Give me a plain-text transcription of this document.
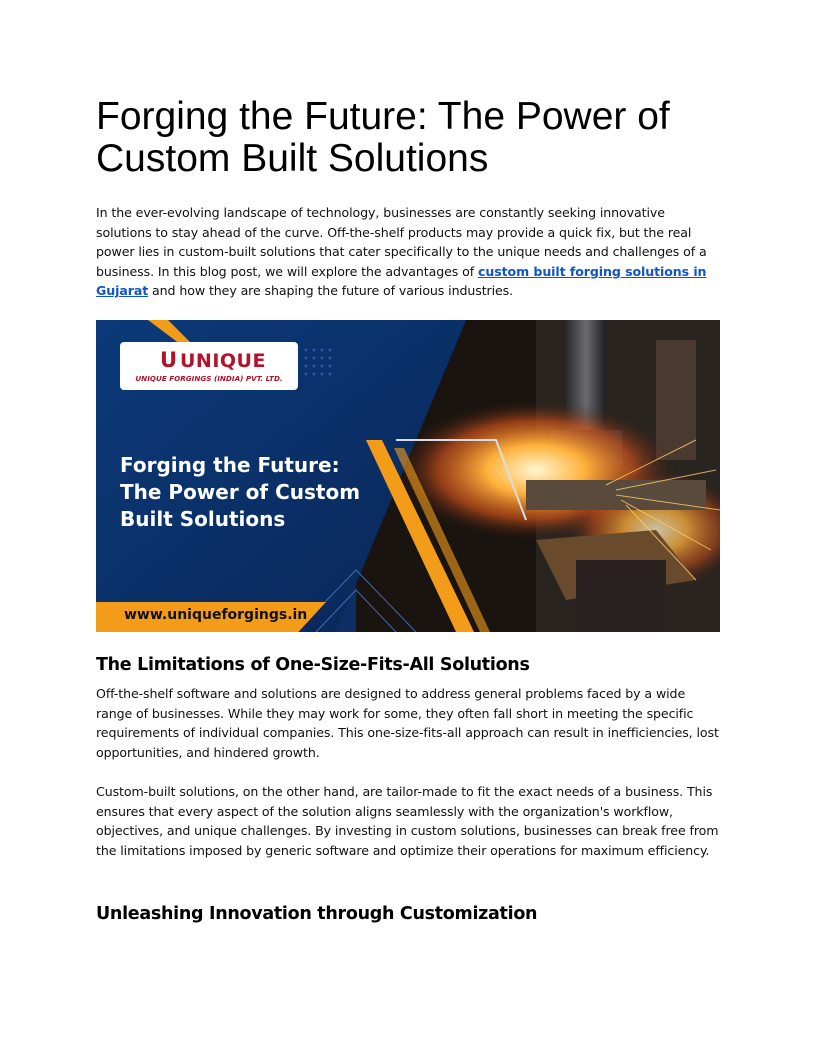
Forging the Future: The Power of Custom Built Solutions

In the ever-evolving landscape of technology, businesses are constantly seeking innovative solutions to stay ahead of the curve. Off-the-shelf products may provide a quick fix, but the real power lies in custom-built solutions that cater specifically to the unique needs and challenges of a business. In this blog post, we will explore the advantages of custom built forging solutions in Gujarat and how they are shaping the future of various industries.

U UNIQUE
UNIQUE FORGINGS (INDIA) PVT. LTD.
Forging the Future:
The Power of Custom
Built Solutions
www.uniqueforgings.in
The Limitations of One-Size-Fits-All Solutions

Off-the-shelf software and solutions are designed to address general problems faced by a wide range of businesses. While they may work for some, they often fall short in meeting the specific requirements of individual companies. This one-size-fits-all approach can result in inefficiencies, lost opportunities, and hindered growth.

Custom-built solutions, on the other hand, are tailor-made to fit the exact needs of a business. This ensures that every aspect of the solution aligns seamlessly with the organization's workflow, objectives, and unique challenges. By investing in custom solutions, businesses can break free from the limitations imposed by generic software and optimize their operations for maximum efficiency.

Unleashing Innovation through Customization
